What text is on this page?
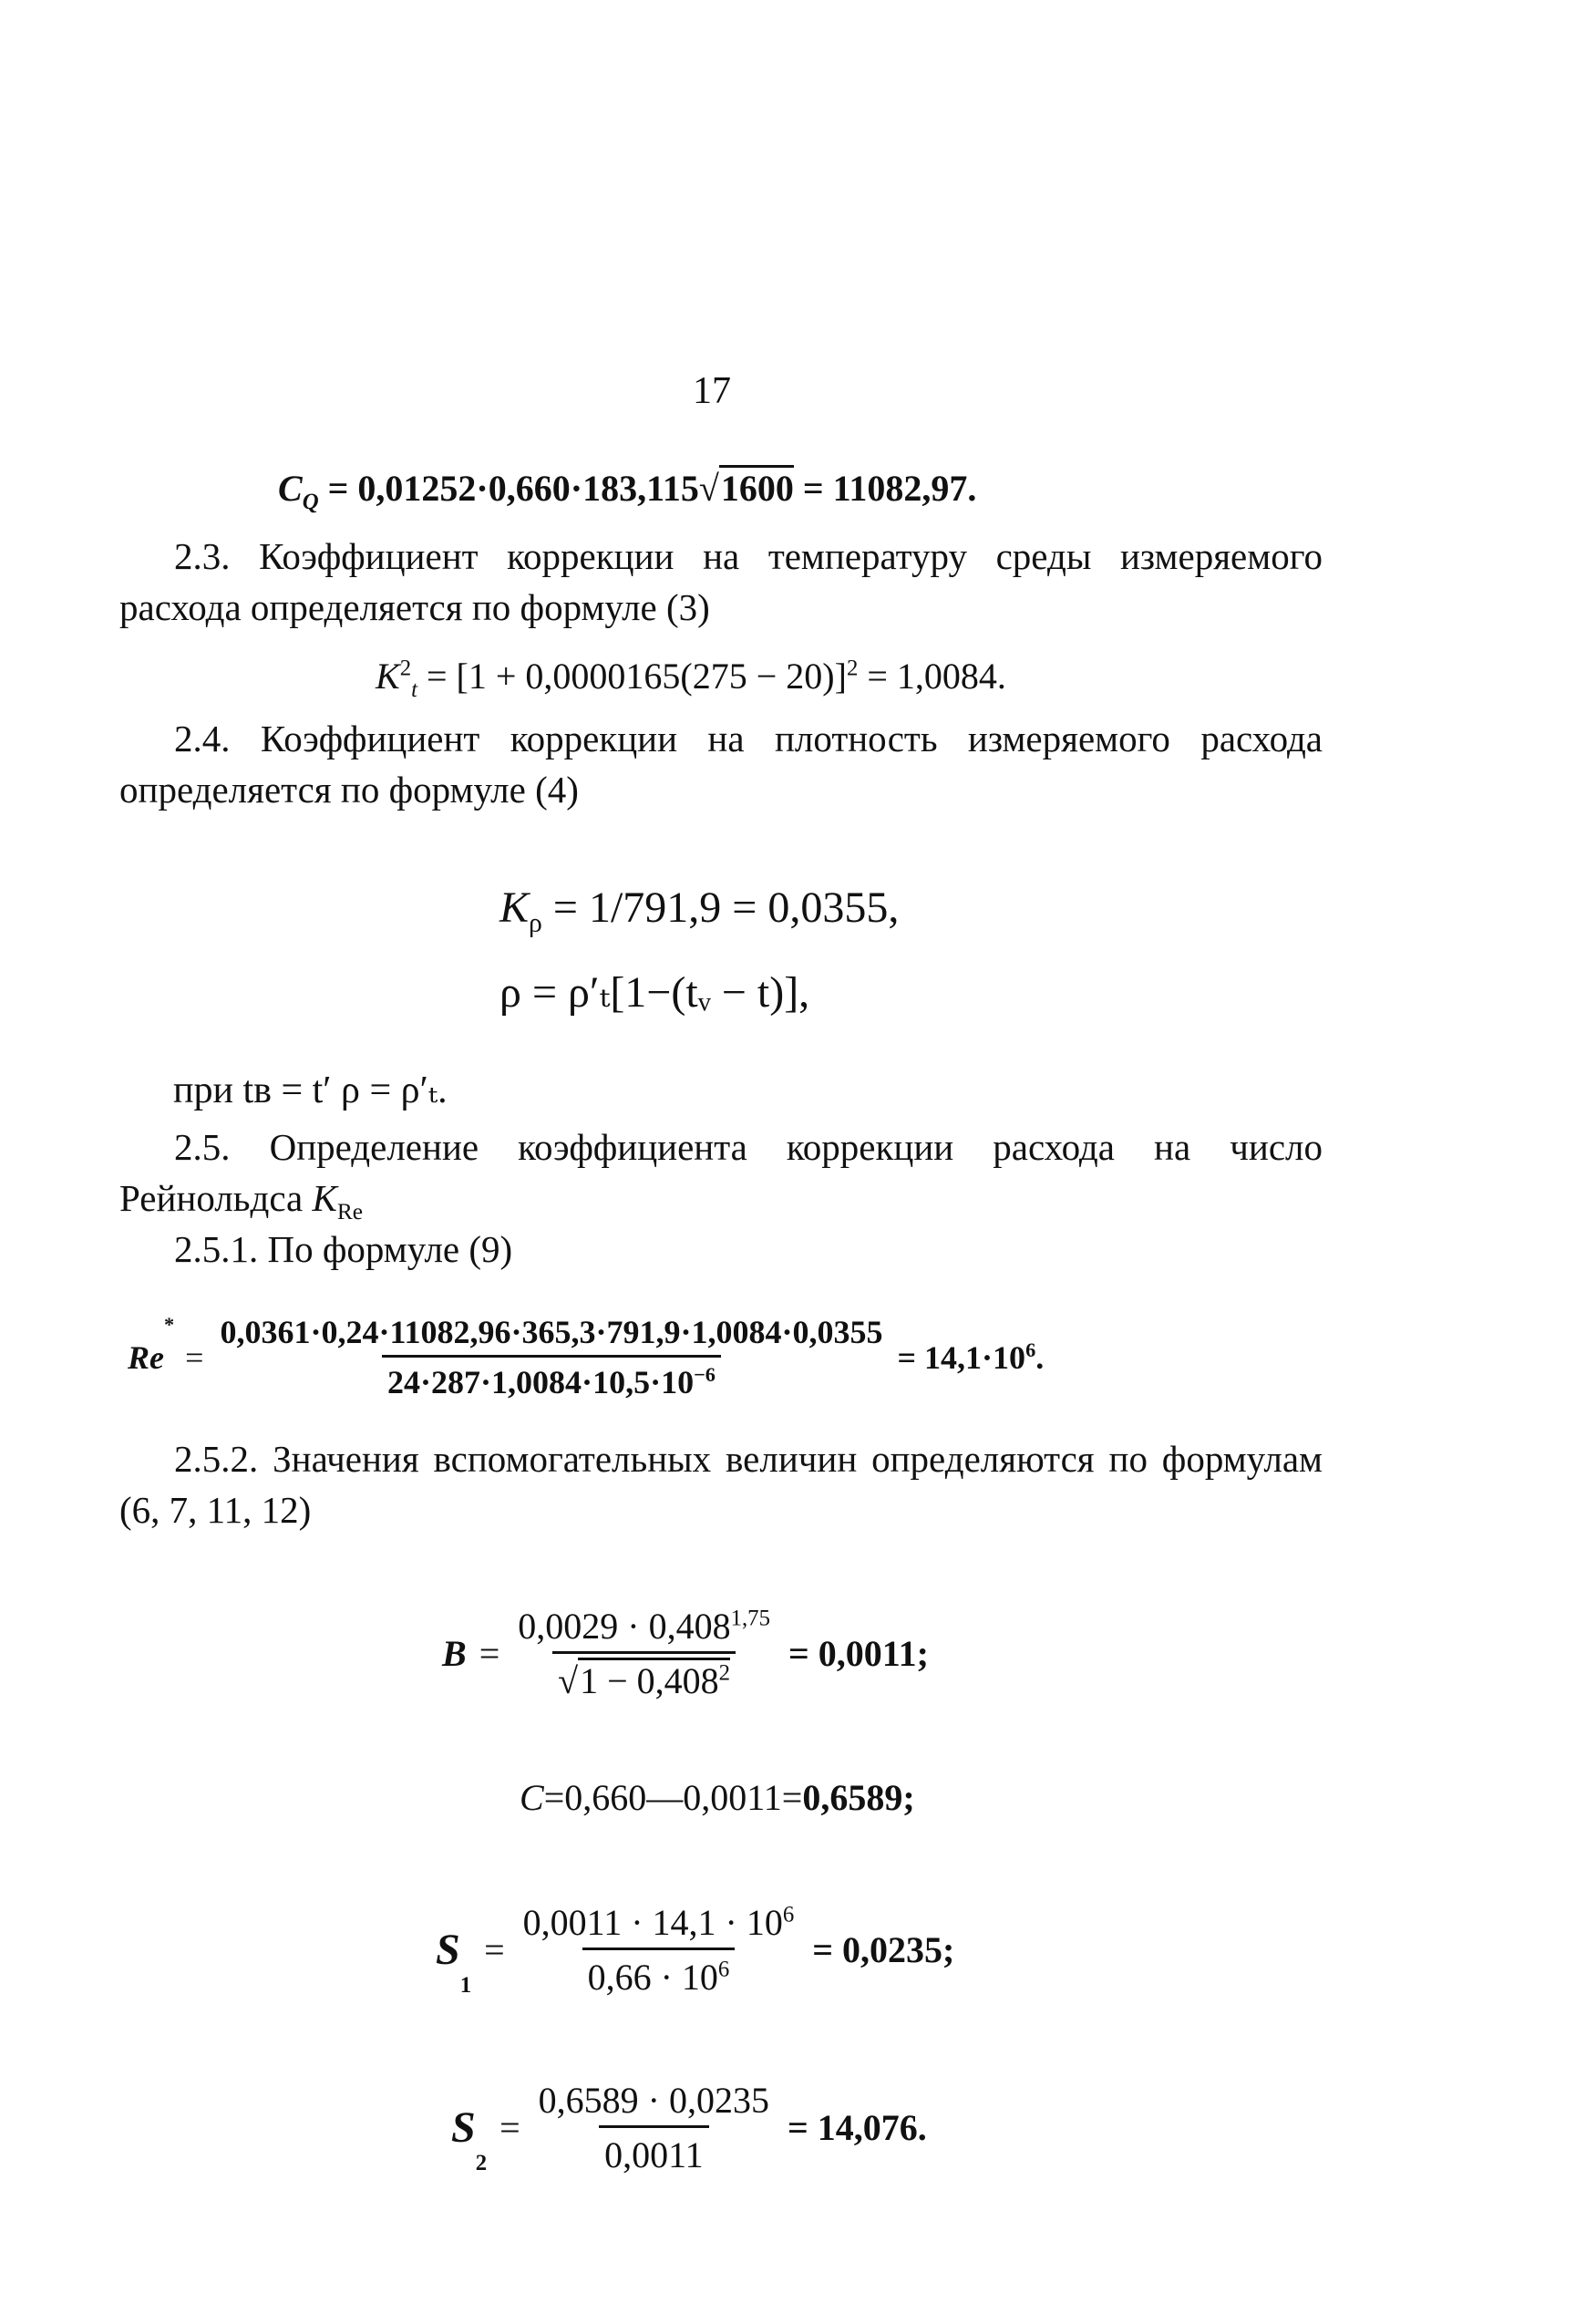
17
$C_Q = 0,01252\cdot 0,660\cdot 183,115√1600 = 11082,97$.
2.3. Коэффициент коррекции на температуру среды измеряемого расхода определяется по формуле (3)
$K^2_t = [1 + 0,0000165(275 - 20)]^2 = 1,0084$.
2.4. Коэффициент коррекции на плотность измеряемого расхода определяется по формуле (4)
$K_\rho = 1/791,9 = 0,0355$,
ρ = ρ′ₜ[1−(tᵥ − t)],
при tв = t′ ρ = ρ′ₜ.
2.5. Определение коэффициента коррекции расхода на число Рейнольдса $K_{Re}$
2.5.1. По формуле (9)
Re
*
= $\frac{0,0361\cdot 0,24\cdot 11082,96\cdot 365,3\cdot 791,9\cdot 1,0084\cdot 0,0355}{24\cdot 287\cdot 1,0084\cdot 10,5\cdot 10^{-6}} = 14,1\cdot 10^6$.
2.5.2. Значения вспомогательных величин определяются по формулам (6, 7, 11, 12)
$B = \frac{0,0029 \cdot 0,408^{1,75}}{√1 - 0,408^2} = 0,0011$;
C=0,660—0,0011=0,6589;
S
$_1$
= $\frac{0,0011 \cdot 14,1 \cdot 10^6}{0,66 \cdot 10^6} = 0,0235$;
S
$_2$
= $\frac{0,6589 \cdot 0,0235}{0,0011} = 14,076$.
